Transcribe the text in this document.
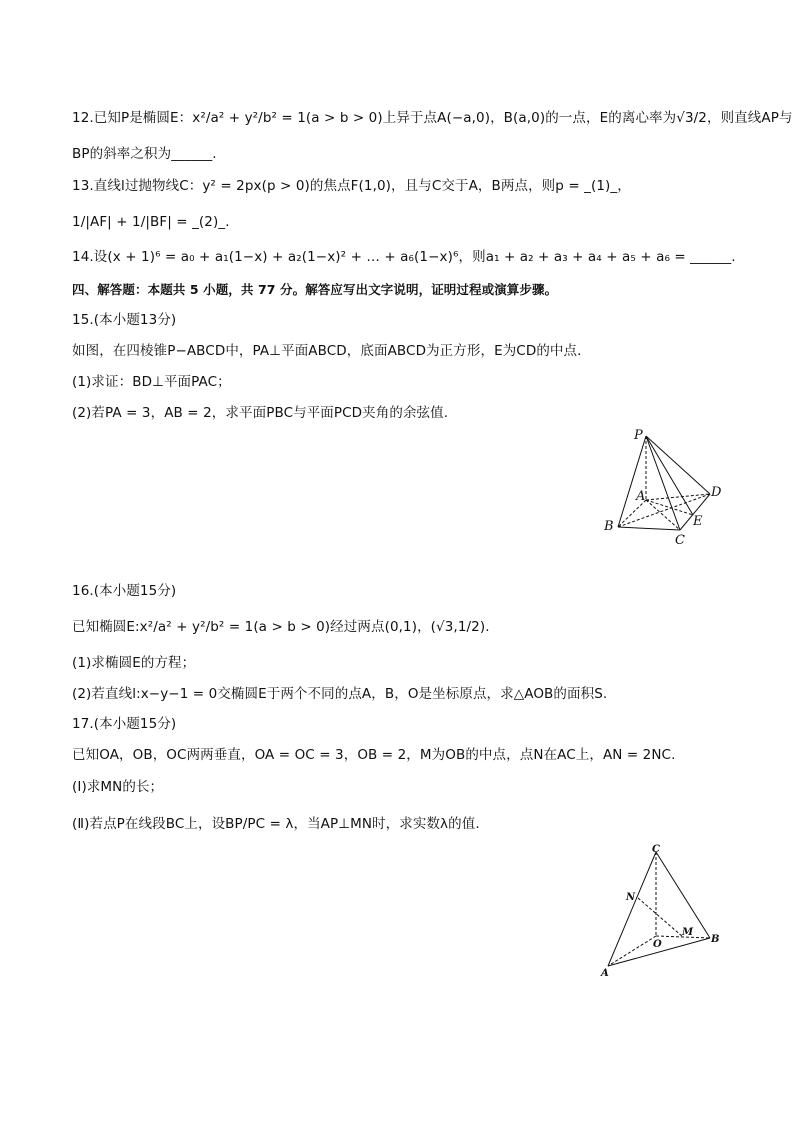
12.已知P是椭圆E：x²/a² + y²/b² = 1(a > b > 0)上异于点A(−a,0)，B(a,0)的一点，E的离心率为√3/2，则直线AP与
BP的斜率之积为______.
13.直线l过抛物线C：y² = 2px(p > 0)的焦点F(1,0)，且与C交于A，B两点，则p = _(1)_，
1/|AF| + 1/|BF| = _(2)_.
14.设(x + 1)⁶ = a₀ + a₁(1−x) + a₂(1−x)² + … + a₆(1−x)⁶，则a₁ + a₂ + a₃ + a₄ + a₅ + a₆ = ______.
四、解答题：本题共 5 小题，共 77 分。解答应写出文字说明，证明过程或演算步骤。
15.(本小题13分)
如图，在四棱锥P−ABCD中，PA⊥平面ABCD，底面ABCD为正方形，E为CD的中点.
(1)求证：BD⊥平面PAC；
(2)若PA = 3，AB = 2，求平面PBC与平面PCD夹角的余弦值.
P
A
B
C
D
E
16.(本小题15分)
已知椭圆E:x²/a² + y²/b² = 1(a > b > 0)经过两点(0,1)，(√3,1/2).
(1)求椭圆E的方程；
(2)若直线l:x−y−1 = 0交椭圆E于两个不同的点A，B，O是坐标原点，求△AOB的面积S.
17.(本小题15分)
已知OA，OB，OC两两垂直，OA = OC = 3，OB = 2，M为OB的中点，点N在AC上，AN = 2NC.
(Ⅰ)求MN的长；
(Ⅱ)若点P在线段BC上，设BP/PC = λ，当AP⊥MN时，求实数λ的值.
C
N
O
M
A
B
